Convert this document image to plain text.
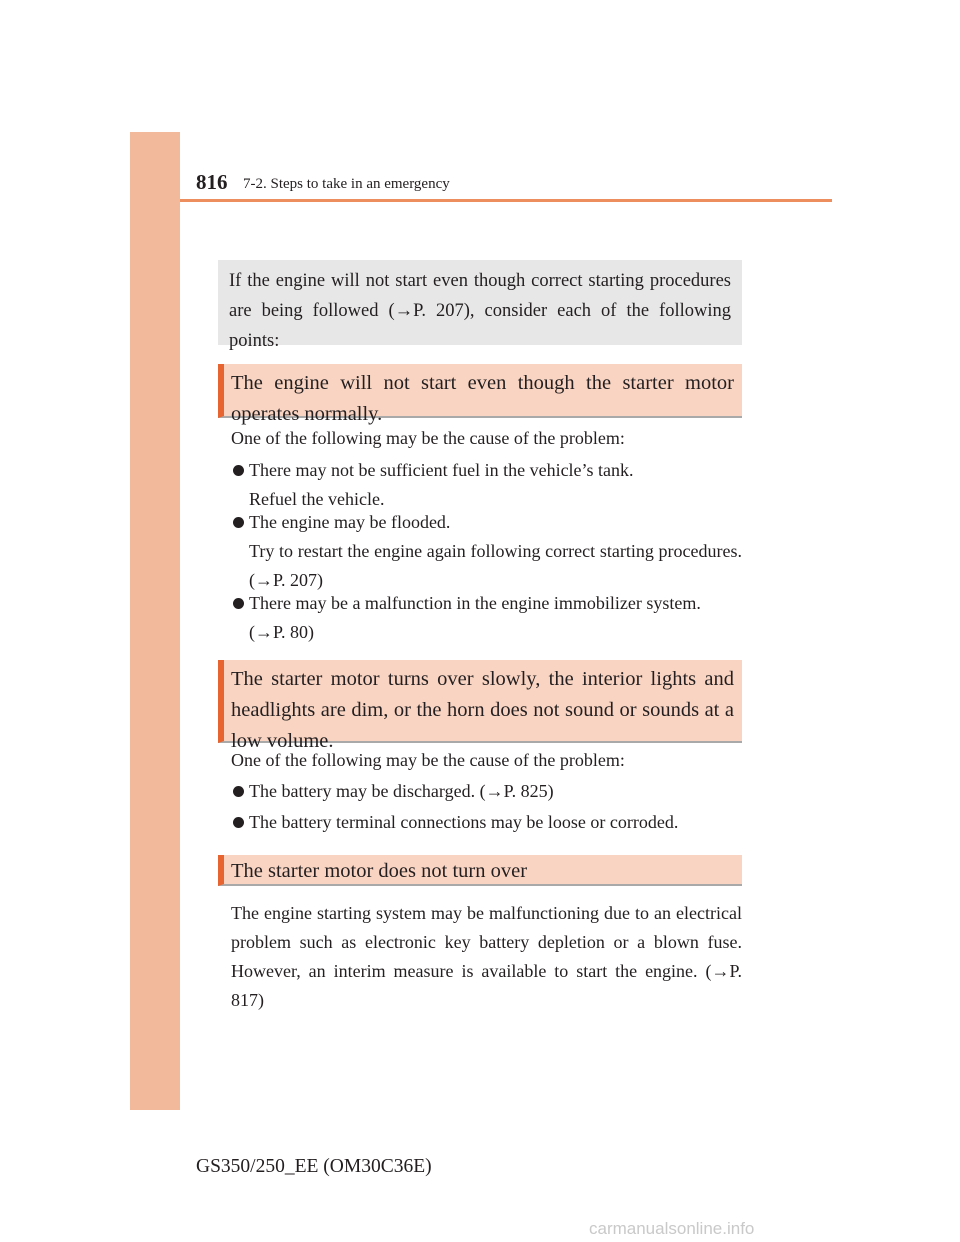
816 7-2. Steps to take in an emergency
If the engine will not start even though correct starting procedures are being followed (→P. 207), consider each of the following points:
The engine will not start even though the starter motor operates normally.
One of the following may be the cause of the problem:
There may not be sufficient fuel in the vehicle’s tank.
Refuel the vehicle.
The engine may be flooded.
Try to restart the engine again following correct starting procedures. (→P. 207)
There may be a malfunction in the engine immobilizer system.
(→P. 80)
The starter motor turns over slowly, the interior lights and headlights are dim, or the horn does not sound or sounds at a low volume.
One of the following may be the cause of the problem:
The battery may be discharged. (→P. 825)
The battery terminal connections may be loose or corroded.
The starter motor does not turn over
The engine starting system may be malfunctioning due to an electrical problem such as electronic key battery depletion or a blown fuse. However, an interim measure is available to start the engine. (→P. 817)
GS350/250_EE (OM30C36E)
carmanualsonline.info
